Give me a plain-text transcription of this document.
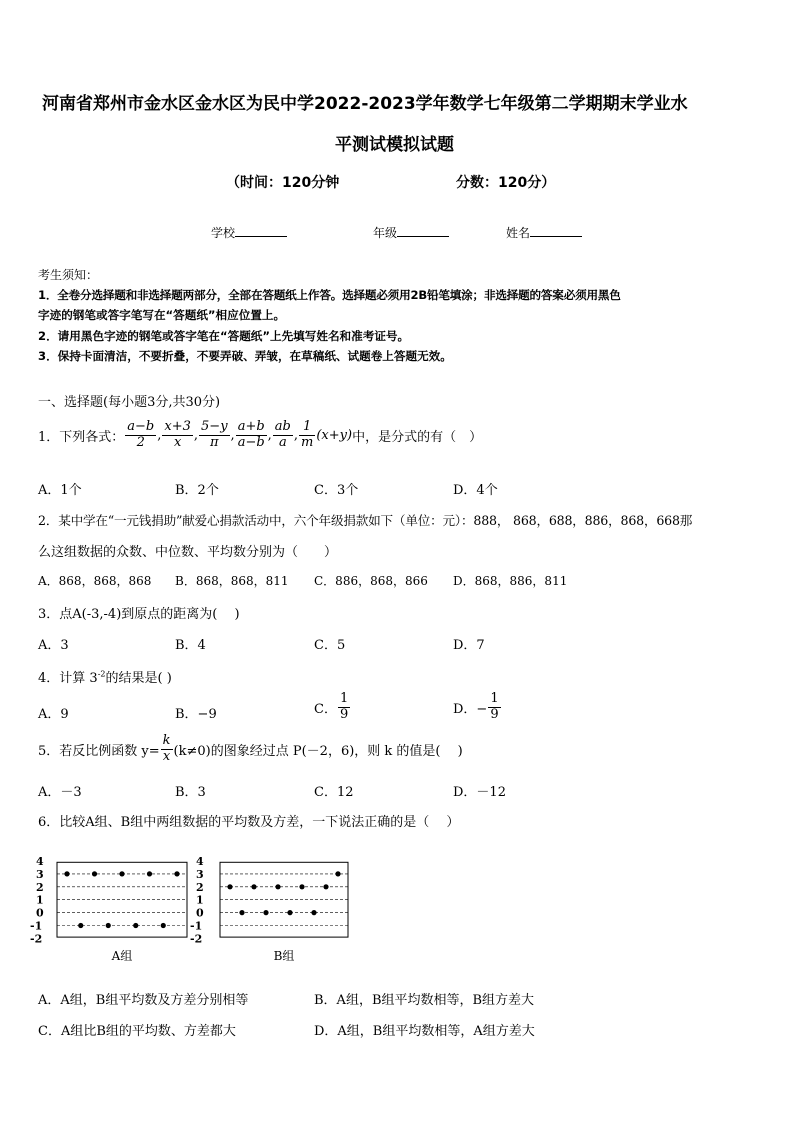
河南省郑州市金水区金水区为民中学2022-2023学年数学七年级第二学期期末学业水
平测试模拟试题
（时间：120分钟	分数：120分）
学校	年级	姓名
考生须知：
1．全卷分选择题和非选择题两部分，全部在答题纸上作答。选择题必须用2B铅笔填涂；非选择题的答案必须用黑色
字迹的钢笔或答字笔写在“答题纸”相应位置上。
2．请用黑色字迹的钢笔或答字笔在“答题纸”上先填写姓名和准考证号。
3．保持卡面清洁，不要折叠，不要弄破、弄皱，在草稿纸、试题卷上答题无效。
一、选择题(每小题3分,共30分)
1．下列各式： $\frac{a-b}{2}$ , $\frac{x+3}{x}$ , $\frac{5-y}{\pi}$ , $\frac{a+b}{a-b}$ , $\frac{ab}{a}$ , $\frac{1}{m} (x+y)$ 中，是分式的有（　）
A．1个	B．2个	C．3个	D．4个
2．某中学在“一元钱捐助”献爱心捐款活动中，六个年级捐款如下（单位：元）：888， 868，688，886，868，668那
么这组数据的众数、中位数、平均数分别为（　　）
A．868，868，868 B．868，868，811 C．886，868，866 D．868，886，811
3．点A(-3,-4)到原点的距离为(　 )
A．3	B．4	C．5	D．7
4．计算 $3^{-2}$的结果是( )
A．9	B．−9	C． $\frac{1}{9}$	D．− $\frac{1}{9}$
5．若反比例函数 $y= \frac{k}{x} (k\ne 0)$的图象经过点 P(－2，6)，则 k 的值是(　 )
A．－3	B．3	C．12	D．－12
6．比较A组、B组中两组数据的平均数及方差，一下说法正确的是（　 ）
4
3
2
1
0
-1
-2
A组
4
3
2
1
0
-1
-2
B组
A．A组，B组平均数及方差分别相等	B．A组，B组平均数相等，B组方差大
C．A组比B组的平均数、方差都大	D．A组，B组平均数相等，A组方差大
